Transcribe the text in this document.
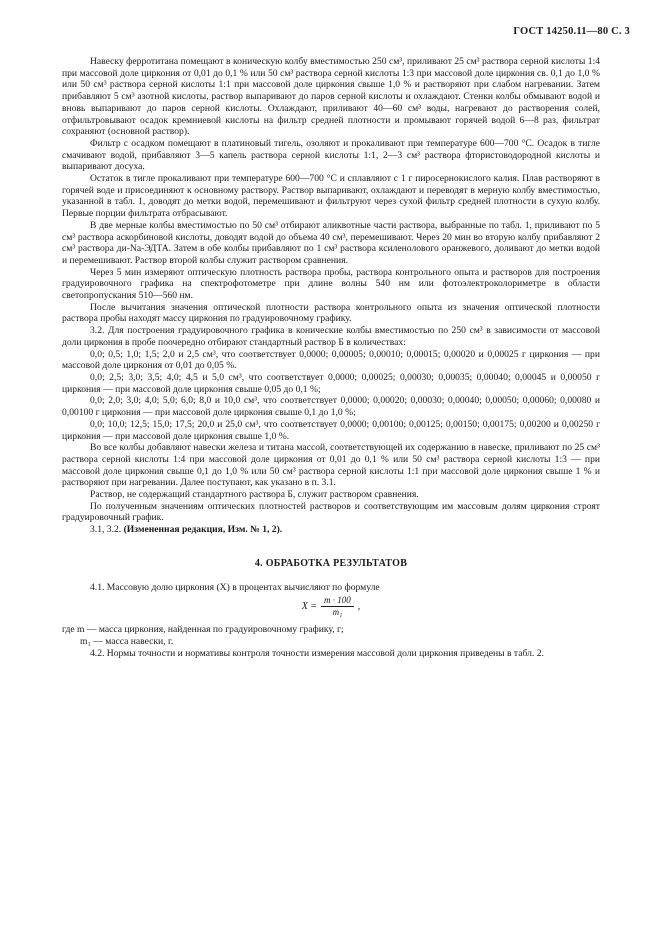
ГОСТ 14250.11—80 С. 3

Навеску ферротитана помещают в коническую колбу вместимостью 250 см³, приливают 25 см³ раствора серной кислоты 1:4 при массовой доле циркония от 0,01 до 0,1 % или 50 см³ раствора серной кислоты 1:3 при массовой доле циркония св. 0,1 до 1,0 % или 50 см³ раствора серной кислоты 1:1 при массовой доле циркония свыше 1,0 % и растворяют при слабом нагревании. Затем прибавляют 5 см³ азотной кислоты, раствор выпаривают до паров серной кислоты и охлаждают. Стенки колбы обмывают водой и вновь выпаривают до паров серной кислоты. Охлаждают, приливают 40—60 см³ воды, нагревают до растворения солей, отфильтровывают осадок кремниевой кислоты на фильтр средней плотности и промывают горячей водой 6—8 раз, фильтрат сохраняют (основной раствор).

Фильтр с осадком помещают в платиновый тигель, озоляют и прокаливают при температуре 600—700 °С. Осадок в тигле смачивают водой, прибавляют 3—5 капель раствора серной кислоты 1:1, 2—3 см³ раствора фтористоводородной кислоты и выпаривают досуха.

Остаток в тигле прокаливают при температуре 600—700 °С и сплавляют с 1 г пиросернокислого калия. Плав растворяют в горячей воде и присоединяют к основному раствору. Раствор выпаривают, охлаждают и переводят в мерную колбу вместимостью, указанной в табл. 1, доводят до метки водой, перемешивают и фильтруют через сухой фильтр средней плотности в сухую колбу. Первые порции фильтрата отбрасывают.

В две мерные колбы вместимостью по 50 см³ отбирают аликвотные части раствора, выбранные по табл. 1, приливают по 5 см³ раствора аскорбиновой кислоты, доводят водой до объема 40 см³, перемешивают. Через 20 мин во вторую колбу прибавляют 2 см³ раствора ди-Na-ЭДТА. Затем в обе колбы прибавляют по 1 см³ раствора ксиленолового оранжевого, доливают до метки водой и перемешивают. Раствор второй колбы служит раствором сравнения.

Через 5 мин измеряют оптическую плотность раствора пробы, раствора контрольного опыта и растворов для построения градуировочного графика на спектрофотометре при длине волны 540 нм или фотоэлектроколориметре в области светопропускания 510—560 нм.

После вычитания значения оптической плотности раствора контрольного опыта из значения оптической плотности раствора пробы находят массу циркония по градуировочному графику.

3.2. Для построения градуировочного графика в конические колбы вместимостью по 250 см³ в зависимости от массовой доли циркония в пробе поочередно отбирают стандартный раствор Б в количествах:

0,0; 0,5; 1,0; 1,5; 2,0 и 2,5 см³, что соответствует 0,0000; 0,00005; 0,00010; 0,00015; 0,00020 и 0,00025 г циркония — при массовой доле циркония от 0,01 до 0,05 %.

0,0; 2,5; 3,0; 3,5; 4,0; 4,5 и 5,0 см³, что соответствует 0,0000; 0,00025; 0,00030; 0,00035; 0,00040; 0,00045 и 0,00050 г циркония — при массовой доле циркония свыше 0,05 до 0,1 %;

0,0; 2,0; 3,0; 4,0; 5,0; 6,0; 8,0 и 10,0 см³, что соответствует 0,0000; 0,00020; 0,00030; 0,00040; 0,00050; 0,00060; 0,00080 и 0,00100 г циркония — при массовой доле циркония свыше 0,1 до 1,0 %;

0,0; 10,0; 12,5; 15,0; 17,5; 20,0 и 25,0 см³, что соответствует 0,0000; 0,00100; 0,00125; 0,00150; 0,00175; 0,00200 и 0,00250 г циркония — при массовой доле циркония свыше 1,0 %.

Во все колбы добавляют навески железа и титана массой, соответствующей их содержанию в навеске, приливают по 25 см³ раствора серной кислоты 1:4 при массовой доле циркония от 0,01 до 0,1 % или 50 см³ раствора серной кислоты 1:3 — при массовой доле циркония свыше 0,1 до 1,0 % или 50 см³ раствора серной кислоты 1:1 при массовой доле циркония свыше 1 % и растворяют при нагревании. Далее поступают, как указано в п. 3.1.

Раствор, не содержащий стандартного раствора Б, служит раствором сравнения.

По полученным значениям оптических плотностей растворов и соответствующим им массовым долям циркония строят градуировочный график.

3.1, 3.2. (Измененная редакция, Изм. № 1, 2).

4. ОБРАБОТКА РЕЗУЛЬТАТОВ

4.1. Массовую долю циркония (X) в процентах вычисляют по формуле

$X = \frac{m \cdot 100}{\text{m₁}}$ ,

где m — масса циркония, найденная по градуировочному графику, г;

m₁ — масса навески, г.

4.2. Нормы точности и нормативы контроля точности измерения массовой доли циркония приведены в табл. 2.
